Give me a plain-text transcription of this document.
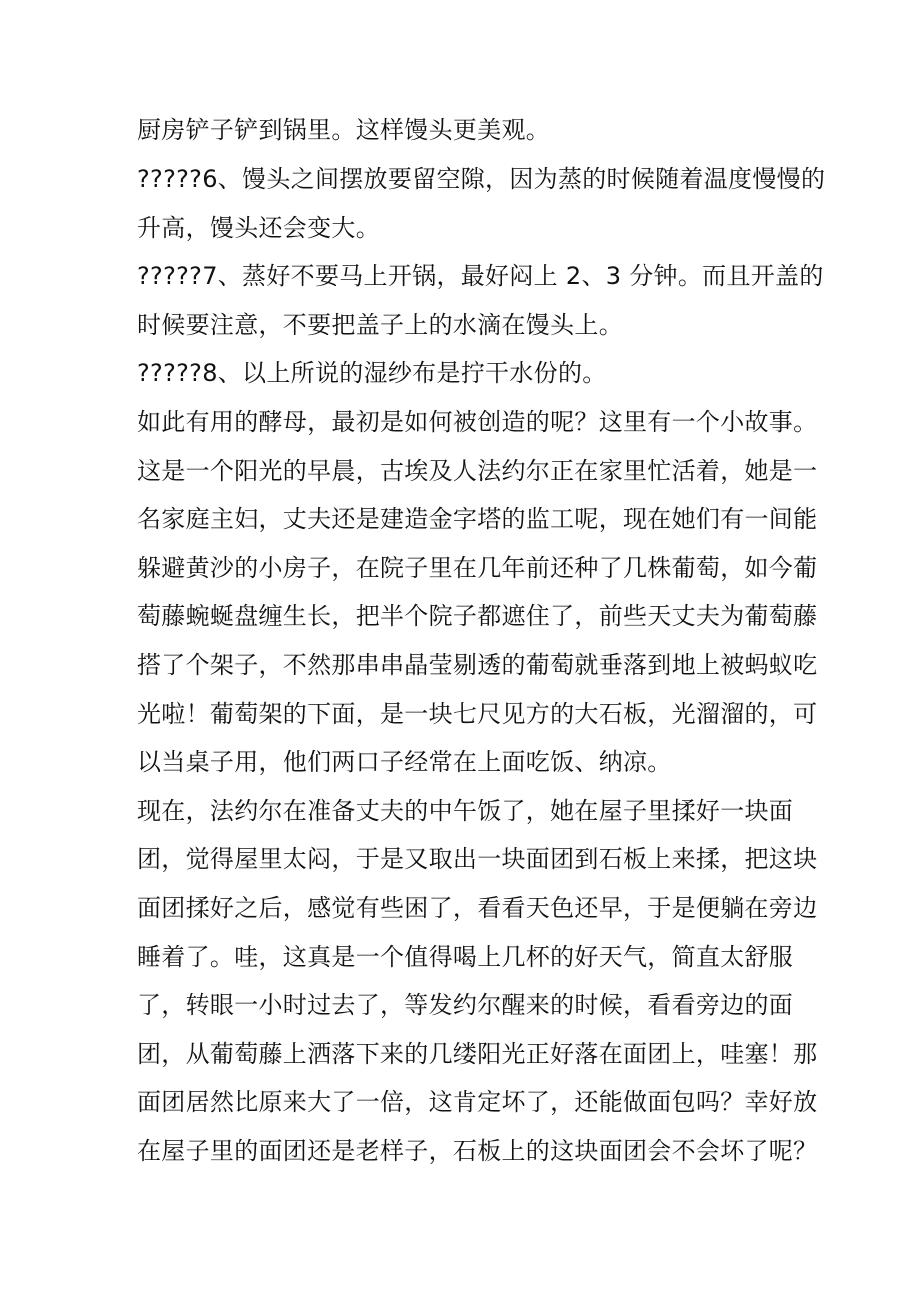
厨房铲子铲到锅里。这样馒头更美观。
?????6、馒头之间摆放要留空隙，因为蒸的时候随着温度慢慢的
升高，馒头还会变大。
?????7、蒸好不要马上开锅，最好闷上 2、3 分钟。而且开盖的
时候要注意，不要把盖子上的水滴在馒头上。
?????8、以上所说的湿纱布是拧干水份的。
如此有用的酵母，最初是如何被创造的呢？这里有一个小故事。
这是一个阳光的早晨，古埃及人法约尔正在家里忙活着，她是一
名家庭主妇，丈夫还是建造金字塔的监工呢，现在她们有一间能
躲避黄沙的小房子，在院子里在几年前还种了几株葡萄，如今葡
萄藤蜿蜒盘缠生长，把半个院子都遮住了，前些天丈夫为葡萄藤
搭了个架子，不然那串串晶莹剔透的葡萄就垂落到地上被蚂蚁吃
光啦！葡萄架的下面，是一块七尺见方的大石板，光溜溜的，可
以当桌子用，他们两口子经常在上面吃饭、纳凉。
现在，法约尔在准备丈夫的中午饭了，她在屋子里揉好一块面
团，觉得屋里太闷，于是又取出一块面团到石板上来揉，把这块
面团揉好之后，感觉有些困了，看看天色还早，于是便躺在旁边
睡着了。哇，这真是一个值得喝上几杯的好天气，简直太舒服
了，转眼一小时过去了，等发约尔醒来的时候，看看旁边的面
团，从葡萄藤上洒落下来的几缕阳光正好落在面团上，哇塞！那
面团居然比原来大了一倍，这肯定坏了，还能做面包吗？幸好放
在屋子里的面团还是老样子，石板上的这块面团会不会坏了呢？
